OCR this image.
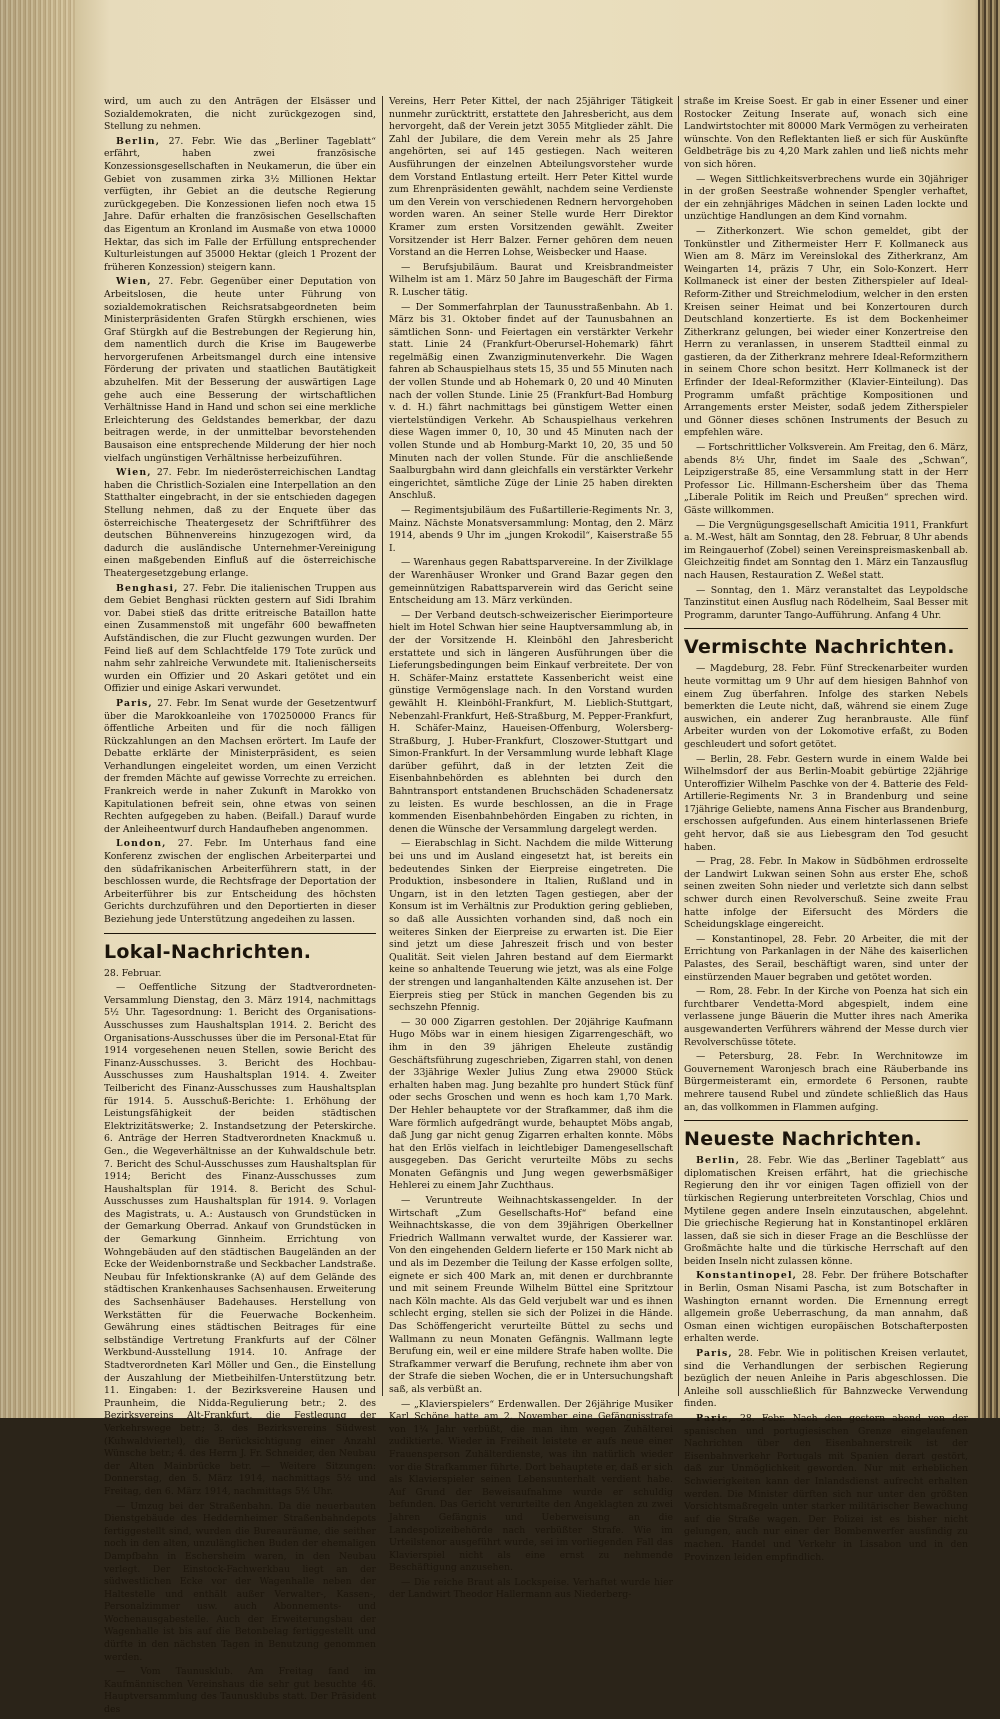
wird, um auch zu den Anträgen der Elsässer und Sozialdemokraten, die nicht zurückgezogen sind, Stellung zu nehmen.

Berlin, 27. Febr. Wie das „Berliner Tageblatt“ erfährt, haben zwei französische Konzessionsgesellschaften in Neukamerun, die über ein Gebiet von zusammen zirka 3½ Millionen Hektar verfügten, ihr Gebiet an die deutsche Regierung zurückgegeben. Die Konzessionen liefen noch etwa 15 Jahre. Dafür erhalten die französischen Gesellschaften das Eigentum an Kronland im Ausmaße von etwa 10000 Hektar, das sich im Falle der Erfüllung entsprechender Kulturleistungen auf 35000 Hektar (gleich 1 Prozent der früheren Konzession) steigern kann.

Wien, 27. Febr. Gegenüber einer Deputation von Arbeitslosen, die heute unter Führung von sozialdemokratischen Reichsratsabgeordneten beim Ministerpräsidenten Grafen Stürgkh erschienen, wies Graf Stürgkh auf die Bestrebungen der Regierung hin, dem namentlich durch die Krise im Baugewerbe hervorgerufenen Arbeitsmangel durch eine intensive Förderung der privaten und staatlichen Bautätigkeit abzuhelfen. Mit der Besserung der auswärtigen Lage gehe auch eine Besserung der wirtschaftlichen Verhältnisse Hand in Hand und schon sei eine merkliche Erleichterung des Geldstandes bemerkbar, der dazu beitragen werde, in der unmittelbar bevorstehenden Bausaison eine entsprechende Milderung der hier noch vielfach ungünstigen Verhältnisse herbeizuführen.

Wien, 27. Febr. Im niederösterreichischen Landtag haben die Christlich-Sozialen eine Interpellation an den Statthalter eingebracht, in der sie entschieden dagegen Stellung nehmen, daß zu der Enquete über das österreichische Theatergesetz der Schriftführer des deutschen Bühnenvereins hinzugezogen wird, da dadurch die ausländische Unternehmer-Vereinigung einen maßgebenden Einfluß auf die österreichische Theatergesetzgebung erlange.

Benghasi, 27. Febr. Die italienischen Truppen aus dem Gebiet Benghasi rückten gestern auf Sidi Ibrahim vor. Dabei stieß das dritte eritreische Bataillon hatte einen Zusammenstoß mit ungefähr 600 bewaffneten Aufständischen, die zur Flucht gezwungen wurden. Der Feind ließ auf dem Schlachtfelde 179 Tote zurück und nahm sehr zahlreiche Verwundete mit. Italienischerseits wurden ein Offizier und 20 Askari getötet und ein Offizier und einige Askari verwundet.

Paris, 27. Febr. Im Senat wurde der Gesetzentwurf über die Marokkoanleihe von 170250000 Francs für öffentliche Arbeiten und für die noch fälligen Rückzahlungen an den Machsen erörtert. Im Laufe der Debatte erklärte der Ministerpräsident, es seien Verhandlungen eingeleitet worden, um einen Verzicht der fremden Mächte auf gewisse Vorrechte zu erreichen. Frankreich werde in naher Zukunft in Marokko von Kapitulationen befreit sein, ohne etwas von seinen Rechten aufgegeben zu haben. (Beifall.) Darauf wurde der Anleiheentwurf durch Handaufheben angenommen.

London, 27. Febr. Im Unterhaus fand eine Konferenz zwischen der englischen Arbeiterpartei und den südafrikanischen Arbeiterführern statt, in der beschlossen wurde, die Rechtsfrage der Deportation der Arbeiterführer bis zur Entscheidung des höchsten Gerichts durchzuführen und den Deportierten in dieser Beziehung jede Unterstützung angedeihen zu lassen.

Lokal-Nachrichten.

28. Februar.

— Oeffentliche Sitzung der Stadtverordneten-Versammlung Dienstag, den 3. März 1914, nachmittags 5½ Uhr. Tagesordnung: 1. Bericht des Organisations-Ausschusses zum Haushaltsplan 1914. 2. Bericht des Organisations-Ausschusses über die im Personal-Etat für 1914 vorgesehenen neuen Stellen, sowie Bericht des Finanz-Ausschusses. 3. Bericht des Hochbau-Ausschusses zum Haushaltsplan 1914. 4. Zweiter Teilbericht des Finanz-Ausschusses zum Haushaltsplan für 1914. 5. Ausschuß-Berichte: 1. Erhöhung der Leistungsfähigkeit der beiden städtischen Elektrizitätswerke; 2. Instandsetzung der Peterskirche. 6. Anträge der Herren Stadtverordneten Knackmuß u. Gen., die Wegeverhältnisse an der Kuhwaldschule betr. 7. Bericht des Schul-Ausschusses zum Haushaltsplan für 1914; Bericht des Finanz-Ausschusses zum Haushaltsplan für 1914. 8. Bericht des Schul-Ausschusses zum Haushaltsplan für 1914. 9. Vorlagen des Magistrats, u. A.: Austausch von Grundstücken in der Gemarkung Oberrad. Ankauf von Grundstücken in der Gemarkung Ginnheim. Errichtung von Wohngebäuden auf den städtischen Baugeländen an der Ecke der Weidenbornstraße und Seckbacher Landstraße. Neubau für Infektionskranke (A) auf dem Gelände des städtischen Krankenhauses Sachsenhausen. Erweiterung des Sachsenhäuser Badehauses. Herstellung von Werkstätten für die Feuerwache Bockenheim. Gewährung eines städtischen Beitrages für eine selbständige Vertretung Frankfurts auf der Cölner Werkbund-Ausstellung 1914. 10. Anfrage der Stadtverordneten Karl Möller und Gen., die Einstellung der Auszahlung der Mietbeihilfen-Unterstützung betr. 11. Eingaben: 1. der Bezirksvereine Hausen und Praunheim, die Nidda-Regulierung betr.; 2. des Bezirksvereins Alt-Frankfurt, die Festlegung der Verkehrswege betr.; 3. des Bezirksvereins Südwest (Kuhwaldviertel), die Berücksichtigung einer Anzahl Wünsche betr.; 4. des Herrn J. Fr. Schneider, den Neubau der Alten Mainbrücke betr. — Weitere Sitzungen: Donnerstag, den 5. März 1914, nachmittags 5½ und Freitag, den 6. März 1914, nachmittags 5½ Uhr.

— Umzug bei der Straßenbahn. Da die neuerbauten Dienstgebäude des Heddernheimer Straßenbahndepots fertiggestellt sind, wurden die Bureauräume, die seither noch in den alten, unzulänglichen Buden der ehemaligen Dampfbahn in Eschersheim waren, in den Neubau verlegt. Der Einstock-Fachwerkbau liegt an der südwestlichen Ecke vor der Wagenhalle neben der Haltestelle und enthält außer Verwalter-, Kassen-, Personalzimmer usw. auch Abonnements- und Wochenausgabestelle. Auch der Erweiterungsbau der Wagenhalle ist bis auf die Betonbelag fertiggestellt und dürfte in den nächsten Tagen in Benutzung genommen werden.

— Vom Taunusklub. Am Freitag fand im Kaufmännischen Vereinshaus die sehr gut besuchte 46. Hauptversammlung des Taunusklubs statt. Der Präsident des

Vereins, Herr Peter Kittel, der nach 25jähriger Tätigkeit nunmehr zurücktritt, erstattete den Jahresbericht, aus dem hervorgeht, daß der Verein jetzt 3055 Mitglieder zählt. Die Zahl der Jubilare, die dem Verein mehr als 25 Jahre angehörten, sei auf 145 gestiegen. Nach weiteren Ausführungen der einzelnen Abteilungsvorsteher wurde dem Vorstand Entlastung erteilt. Herr Peter Kittel wurde zum Ehrenpräsidenten gewählt, nachdem seine Verdienste um den Verein von verschiedenen Rednern hervorgehoben worden waren. An seiner Stelle wurde Herr Direktor Kramer zum ersten Vorsitzenden gewählt. Zweiter Vorsitzender ist Herr Balzer. Ferner gehören dem neuen Vorstand an die Herren Lohse, Weisbecker und Haase.

— Berufsjubiläum. Baurat und Kreisbrandmeister Wilhelm ist am 1. März 50 Jahre im Baugeschäft der Firma R. Luscher tätig.

— Der Sommerfahrplan der Taunusstraßenbahn. Ab 1. März bis 31. Oktober findet auf der Taunusbahnen an sämtlichen Sonn- und Feiertagen ein verstärkter Verkehr statt. Linie 24 (Frankfurt-Oberursel-Hohemark) fährt regelmäßig einen Zwanzigminutenverkehr. Die Wagen fahren ab Schauspielhaus stets 15, 35 und 55 Minuten nach der vollen Stunde und ab Hohemark 0, 20 und 40 Minuten nach der vollen Stunde. Linie 25 (Frankfurt-Bad Homburg v. d. H.) fährt nachmittags bei günstigem Wetter einen viertelstündigen Verkehr. Ab Schauspielhaus verkehren diese Wagen immer 0, 10, 30 und 45 Minuten nach der vollen Stunde und ab Homburg-Markt 10, 20, 35 und 50 Minuten nach der vollen Stunde. Für die anschließende Saalburgbahn wird dann gleichfalls ein verstärkter Verkehr eingerichtet, sämtliche Züge der Linie 25 haben direkten Anschluß.

— Regimentsjubiläum des Fußartillerie-Regiments Nr. 3, Mainz. Nächste Monatsversammlung: Montag, den 2. März 1914, abends 9 Uhr im „jungen Krokodil“, Kaiserstraße 55 I.

— Warenhaus gegen Rabattsparvereine. In der Zivilklage der Warenhäuser Wronker und Grand Bazar gegen den gemeinnützigen Rabattsparverein wird das Gericht seine Entscheidung am 13. März verkünden.

— Der Verband deutsch-schweizerischer Eierimporteure hielt im Hotel Schwan hier seine Hauptversammlung ab, in der der Vorsitzende H. Kleinböhl den Jahresbericht erstattete und sich in längeren Ausführungen über die Lieferungsbedingungen beim Einkauf verbreitete. Der von H. Schäfer-Mainz erstattete Kassenbericht weist eine günstige Vermögenslage nach. In den Vorstand wurden gewählt H. Kleinböhl-Frankfurt, M. Lieblich-Stuttgart, Nebenzahl-Frankfurt, Heß-Straßburg, M. Pepper-Frankfurt, H. Schäfer-Mainz, Haueisen-Offenburg, Wolersberg-Straßburg, J. Huber-Frankfurt, Closzower-Stuttgart und Simon-Frankfurt. In der Versammlung wurde lebhaft Klage darüber geführt, daß in der letzten Zeit die Eisenbahnbehörden es ablehnten bei durch den Bahntransport entstandenen Bruchschäden Schadenersatz zu leisten. Es wurde beschlossen, an die in Frage kommenden Eisenbahnbehörden Eingaben zu richten, in denen die Wünsche der Versammlung dargelegt werden.

— Eierabschlag in Sicht. Nachdem die milde Witterung bei uns und im Ausland eingesetzt hat, ist bereits ein bedeutendes Sinken der Eierpreise eingetreten. Die Produktion, insbesondere in Italien, Rußland und in Ungarn, ist in den letzten Tagen gestiegen, aber der Konsum ist im Verhältnis zur Produktion gering geblieben, so daß alle Aussichten vorhanden sind, daß noch ein weiteres Sinken der Eierpreise zu erwarten ist. Die Eier sind jetzt um diese Jahreszeit frisch und von bester Qualität. Seit vielen Jahren bestand auf dem Eiermarkt keine so anhaltende Teuerung wie jetzt, was als eine Folge der strengen und langanhaltenden Kälte anzusehen ist. Der Eierpreis stieg per Stück in manchen Gegenden bis zu sechszehn Pfennig.

— 30 000 Zigarren gestohlen. Der 20jährige Kaufmann Hugo Möbs war in einem hiesigen Zigarrengeschäft, wo ihm in den 39 jährigen Eheleute zuständig Geschäftsführung zugeschrieben, Zigarren stahl, von denen der 33jährige Wexler Julius Zung etwa 29000 Stück erhalten haben mag. Jung bezahlte pro hundert Stück fünf oder sechs Groschen und wenn es hoch kam 1,70 Mark. Der Hehler behauptete vor der Strafkammer, daß ihm die Ware förmlich aufgedrängt wurde, behauptet Möbs angab, daß Jung gar nicht genug Zigarren erhalten konnte. Möbs hat den Erlös vielfach in leichtlebiger Damengesellschaft ausgegeben. Das Gericht verurteilte Möbs zu sechs Monaten Gefängnis und Jung wegen gewerbsmäßiger Hehlerei zu einem Jahr Zuchthaus.

— Veruntreute Weihnachtskassengelder. In der Wirtschaft „Zum Gesellschafts-Hof“ befand eine Weihnachtskasse, die von dem 39jährigen Oberkellner Friedrich Wallmann verwaltet wurde, der Kassierer war. Von den eingehenden Geldern lieferte er 150 Mark nicht ab und als im Dezember die Teilung der Kasse erfolgen sollte, eignete er sich 400 Mark an, mit denen er durchbrannte und mit seinem Freunde Wilhelm Büttel eine Spritztour nach Köln machte. Als das Geld verjubelt war und es ihnen schlecht erging, stellen sie sich der Polizei in die Hände. Das Schöffengericht verurteilte Büttel zu sechs und Wallmann zu neun Monaten Gefängnis. Wallmann legte Berufung ein, weil er eine mildere Strafe haben wollte. Die Strafkammer verwarf die Berufung, rechnete ihm aber von der Strafe die sieben Wochen, die er in Untersuchungshaft saß, als verbüßt an.

— „Klavierspielers“ Erdenwallen. Der 26jährige Musiker Karl Schöne hatte am 2. November eine Gefängnisstrafe von 1¼ Jahr verbüßt, die man ihm wegen Zuhälterei zudiktierte. Wieder in Freiheit leistete er aufs neue einer Frauensperson Zuhälterdienste, was ihn natürlich wieder vor die Strafkammer führte. Dort behauptete er, daß er sich als Klavierspieler seinen Lebensunterhalt verdient habe. Auf Grund der Beweisaufnahme wurde er schuldig befunden. Das Gericht verurteilte den Angeklagten zu zwei Jahren Gefängnis und Ueberweisung an die Landespolizeibehörde nach verbüßter Strafe. Wie im Urteilstenor ausgeführt wurde, sei im vorliegenden Fall das Klavierspiel nicht als eine ernst zu nehmende Beschäftigung anzusehen.

— Die reiche Braut als Lockspeise. Verhaftet wurde hier der Landwirt Theodor Hallermann aus Niederberg-

straße im Kreise Soest. Er gab in einer Essener und einer Rostocker Zeitung Inserate auf, wonach sich eine Landwirtstochter mit 80000 Mark Vermögen zu verheiraten wünschte. Von den Reflektanten ließ er sich für Auskünfte Geldbeträge bis zu 4,20 Mark zahlen und ließ nichts mehr von sich hören.

— Wegen Sittlichkeitsverbrechens wurde ein 30jähriger in der großen Seestraße wohnender Spengler verhaftet, der ein zehnjähriges Mädchen in seinen Laden lockte und unzüchtige Handlungen an dem Kind vornahm.

— Zitherkonzert. Wie schon gemeldet, gibt der Tonkünstler und Zithermeister Herr F. Kollmaneck aus Wien am 8. März im Vereinslokal des Zitherkranz, Am Weingarten 14, präzis 7 Uhr, ein Solo-Konzert. Herr Kollmaneck ist einer der besten Zitherspieler auf Ideal-Reform-Zither und Streichmelodium, welcher in den ersten Kreisen seiner Heimat und bei Konzertouren durch Deutschland konzertierte. Es ist dem Bockenheimer Zitherkranz gelungen, bei wieder einer Konzertreise den Herrn zu veranlassen, in unserem Stadtteil einmal zu gastieren, da der Zitherkranz mehrere Ideal-Reformzithern in seinem Chore schon besitzt. Herr Kollmaneck ist der Erfinder der Ideal-Reformzither (Klavier-Einteilung). Das Programm umfaßt prächtige Kompositionen und Arrangements erster Meister, sodaß jedem Zitherspieler und Gönner dieses schönen Instruments der Besuch zu empfehlen wäre.

— Fortschrittlicher Volksverein. Am Freitag, den 6. März, abends 8½ Uhr, findet im Saale des „Schwan“, Leipzigerstraße 85, eine Versammlung statt in der Herr Professor Lic. Hillmann-Eschersheim über das Thema „Liberale Politik im Reich und Preußen“ sprechen wird. Gäste willkommen.

— Die Vergnügungsgesellschaft Amicitia 1911, Frankfurt a. M.-West, hält am Sonntag, den 28. Februar, 8 Uhr abends im Reingauerhof (Zobel) seinen Vereinspreismaskenball ab. Gleichzeitig findet am Sonntag den 1. März ein Tanzausflug nach Hausen, Restauration Z. Weßel statt.

— Sonntag, den 1. März veranstaltet das Leypoldsche Tanzinstitut einen Ausflug nach Rödelheim, Saal Besser mit Programm, darunter Tango-Aufführung. Anfang 4 Uhr.

Vermischte Nachrichten.

— Magdeburg, 28. Febr. Fünf Streckenarbeiter wurden heute vormittag um 9 Uhr auf dem hiesigen Bahnhof von einem Zug überfahren. Infolge des starken Nebels bemerkten die Leute nicht, daß, während sie einem Zuge auswichen, ein anderer Zug heranbrauste. Alle fünf Arbeiter wurden von der Lokomotive erfaßt, zu Boden geschleudert und sofort getötet.

— Berlin, 28. Febr. Gestern wurde in einem Walde bei Wilhelmsdorf der aus Berlin-Moabit gebürtige 22jährige Unteroffizier Wilhelm Paschke von der 4. Batterie des Feld-Artillerie-Regiments Nr. 3 in Brandenburg und seine 17jährige Geliebte, namens Anna Fischer aus Brandenburg, erschossen aufgefunden. Aus einem hinterlassenen Briefe geht hervor, daß sie aus Liebesgram den Tod gesucht haben.

— Prag, 28. Febr. In Makow in Südböhmen erdrosselte der Landwirt Lukwan seinen Sohn aus erster Ehe, schoß seinen zweiten Sohn nieder und verletzte sich dann selbst schwer durch einen Revolverschuß. Seine zweite Frau hatte infolge der Eifersucht des Mörders die Scheidungsklage eingereicht.

— Konstantinopel, 28. Febr. 20 Arbeiter, die mit der Errichtung von Parkanlagen in der Nähe des kaiserlichen Palastes, des Serail, beschäftigt waren, sind unter der einstürzenden Mauer begraben und getötet worden.

— Rom, 28. Febr. In der Kirche von Poenza hat sich ein furchtbarer Vendetta-Mord abgespielt, indem eine verlassene junge Bäuerin die Mutter ihres nach Amerika ausgewanderten Verführers während der Messe durch vier Revolverschüsse tötete.

— Petersburg, 28. Febr. In Werchnitowze im Gouvernement Waronjesch brach eine Räuberbande ins Bürgermeisteramt ein, ermordete 6 Personen, raubte mehrere tausend Rubel und zündete schließlich das Haus an, das vollkommen in Flammen aufging.

Neueste Nachrichten.

Berlin, 28. Febr. Wie das „Berliner Tageblatt“ aus diplomatischen Kreisen erfährt, hat die griechische Regierung den ihr vor einigen Tagen offiziell von der türkischen Regierung unterbreiteten Vorschlag, Chios und Mytilene gegen andere Inseln einzutauschen, abgelehnt. Die griechische Regierung hat in Konstantinopel erklären lassen, daß sie sich in dieser Frage an die Beschlüsse der Großmächte halte und die türkische Herrschaft auf den beiden Inseln nicht zulassen könne.

Konstantinopel, 28. Febr. Der frühere Botschafter in Berlin, Osman Nisami Pascha, ist zum Botschafter in Washington ernannt worden. Die Ernennung erregt allgemein große Ueberraschung, da man annahm, daß Osman einen wichtigen europäischen Botschafterposten erhalten werde.

Paris, 28. Febr. Wie in politischen Kreisen verlautet, sind die Verhandlungen der serbischen Regierung bezüglich der neuen Anleihe in Paris abgeschlossen. Die Anleihe soll ausschließlich für Bahnzwecke Verwendung finden.

Paris, 28. Febr. Nach den gestern abend von der spanischen und portugiesischen Grenze eingelaufenen Nachrichten über den Eisenbahnerstreik ist der Eisenbahnverkehr Portugals mit Spanien derart gestört, daß zur Unmöglichkeit geworden. Nur mit erheblichen Schwierigkeiten kann der Inlandsdienst aufrecht erhalten werden. Die Minister dürften sich nur unter den größten Vorsichtsmaßregeln unter starker militärischer Bewachung auf die Straße wagen. Der Polizei ist es bisher nicht gelungen, auch nur einer der Bombenwerfer ausfindig zu machen. Handel und Verkehr in Lissabon und in den Provinzen leiden empfindlich.
